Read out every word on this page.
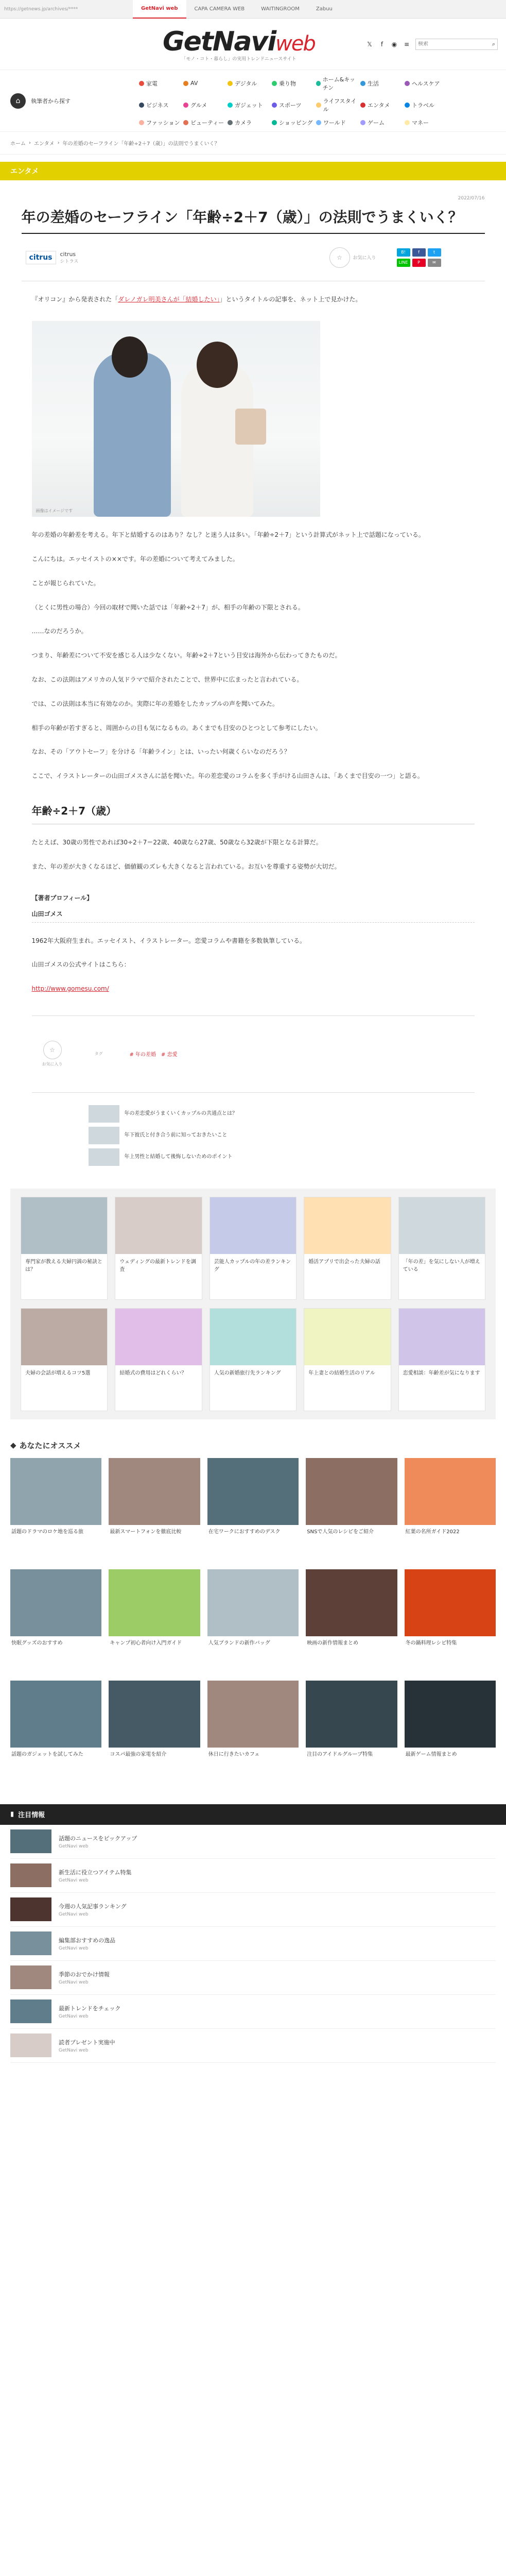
https://getnews.jp/archives/****	GetNavi web	CAPA CAMERA WEB	WAITINGROOM	Zabuu
GetNaviweb
「モノ・コト・暮らし」の実用トレンドニュースサイト
𝕏	f	◉ ≡
検索	⌕
⌂	執筆者から探す
家電	AV	デジタル	乗り物
ホーム&キッチン
生活	ヘルスケア
ビジネス	グルメ	ガジェット	スポーツ
ライフスタイル
エンタメ	トラベル
ファッション ビューティー カメラ	ショッピング ワールド	ゲーム	マネー
ホーム › エンタメ › 年の差婚のセーフライン「年齢÷2＋7（歳）」の法則でうまくいく？
エンタメ
2022/07/16
年の差婚のセーフライン「年齢÷2＋7（歳）」の法則でうまくいく？
citrus	citrus
シトラス
☆	お気に入り
B!	f	t
LINE	P	✉

『オリコン』から発表された「ダレノガレ明美さんが「結婚したい」」というタイトルの記事を、ネット上で見かけた。

画像はイメージです

年の差婚の年齢差を考える。年下と結婚するのはあり？なし？と迷う人は多い。「年齢÷2＋7」という計算式がネット上で話題になっている。

こんにちは。エッセイストの××です。年の差婚について考えてみました。

ことが報じられていた。

（とくに男性の場合）今回の取材で聞いた話では「年齢÷2＋7」が、相手の年齢の下限とされる。

……なのだろうか。

つまり、年齢差について不安を感じる人は少なくない。年齢÷2＋7という目安は海外から伝わってきたものだ。

なお、この法則はアメリカの人気ドラマで紹介されたことで、世界中に広まったと言われている。

では、この法則は本当に有効なのか。実際に年の差婚をしたカップルの声を聞いてみた。

相手の年齢が若すぎると、周囲からの目も気になるもの。あくまでも目安のひとつとして参考にしたい。

なお、その「アウトセーフ」を分ける「年齢ライン」とは、いったい何歳くらいなのだろう？

ここで、イラストレーターの山田ゴメスさんに話を聞いた。年の差恋愛のコラムを多く手がける山田さんは、「あくまで目安の一つ」と語る。

年齢÷2＋7（歳）

たとえば、30歳の男性であれば30÷2＋7＝22歳、40歳なら27歳、50歳なら32歳が下限となる計算だ。

また、年の差が大きくなるほど、価値観のズレも大きくなると言われている。お互いを尊重する姿勢が大切だ。

【著者プロフィール】
山田ゴメス

1962年大阪府生まれ。エッセイスト、イラストレーター。恋愛コラムや書籍を多数執筆している。

山田ゴメスの公式サイトはこちら：

http://www.gomesu.com/

☆
お気に入り
タグ	# 年の差婚　# 恋愛
年の差恋愛がうまくいくカップルの共通点とは？
年下彼氏と付き合う前に知っておきたいこと
年上男性と結婚して後悔しないためのポイント
専門家が教える夫婦円満の秘訣とは？
ウェディングの最新トレンドを調査
芸能人カップルの年の差ランキング
婚活アプリで出会った夫婦の話	「年の差」を気にしない人が増えている
夫婦の会話が増えるコツ5選	結婚式の費用はどれくらい？	人気の新婚旅行先ランキング	年上妻との結婚生活のリアル	恋愛相談：年齢差が気になります
◆ あなたにオススメ
話題のドラマのロケ地を巡る旅	最新スマートフォンを徹底比較	在宅ワークにおすすめのデスク	SNSで人気のレシピをご紹介	紅葉の名所ガイド2022
快眠グッズのおすすめ	キャンプ初心者向け入門ガイド	人気ブランドの新作バッグ	映画の新作情報まとめ	冬の鍋料理レシピ特集
話題のガジェットを試してみた	コスパ最強の家電を紹介	休日に行きたいカフェ	注目のアイドルグループ特集	最新ゲーム情報まとめ
▮ 注目情報
話題のニュースをピックアップ
GetNavi web
新生活に役立つアイテム特集
GetNavi web
今週の人気記事ランキング
GetNavi web
編集部おすすめの逸品
GetNavi web
季節のおでかけ情報
GetNavi web
最新トレンドをチェック
GetNavi web
読者プレゼント実施中
GetNavi web
